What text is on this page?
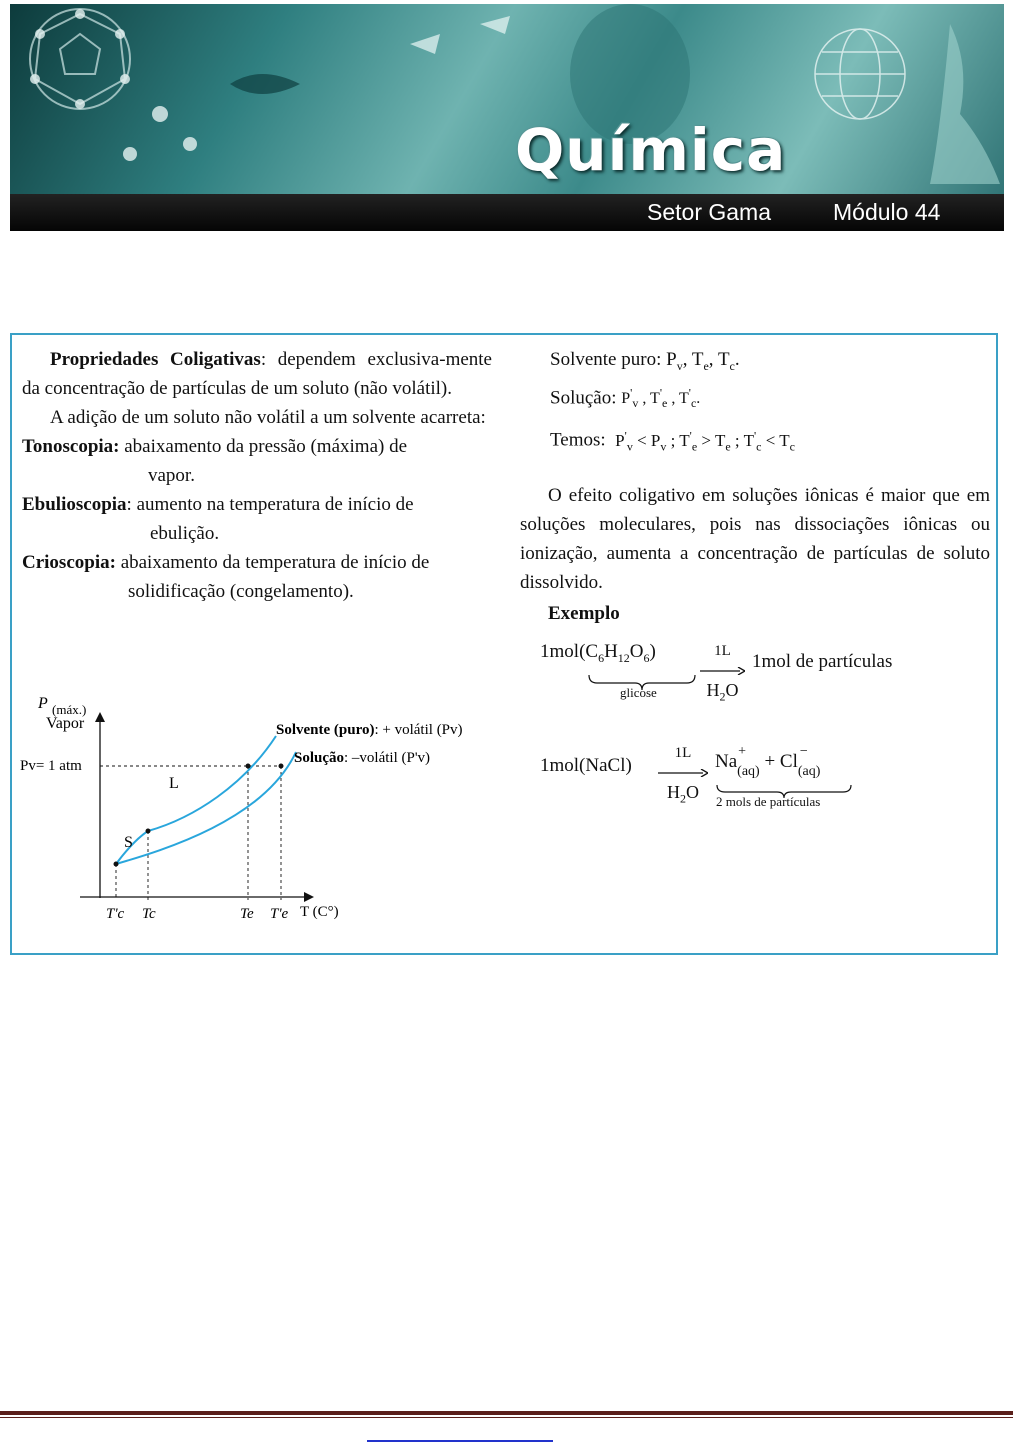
Química
Setor Gama	Módulo 44

Propriedades Coligativas: dependem exclusiva-mente da concentração de partículas de um soluto (não volátil).

A adição de um soluto não volátil a um solvente acarreta:

Tonoscopia: abaixamento da pressão (máxima) de

vapor.

Ebulioscopia: aumento na temperatura de início de

ebulição.

Crioscopia: abaixamento da temperatura de início de

solidificação (congelamento).

Solvente puro: $P_v$, $T_e$, $T_c$.
Solução: $P'_v$ , $T'_e$ , $T'_c$.
Temos: $P'_v < P_v$ ; $T'_e > T_e$ ; $T'_c < T_c$

O efeito coligativo em soluções iônicas é maior que em soluções moleculares, pois nas dissociações iônicas ou ionização, aumenta a concentração de partículas de soluto dissolvido.

Exemplo

$1mol(C_6H_{12}O_6)$
glicose
1L
$H_2O$
1mol de partículas
1mol(NaCl)
1L
$H_2O$
Na +
(aq) + Cl −
(aq)
2 mols de partículas
P (máx.)
Vapor
Pv= 1 atm
L
S
Solvente (puro): + volátil (Pv)
Solução: –volátil (P'v)
T'c Tc	Te T'e T (C°)
